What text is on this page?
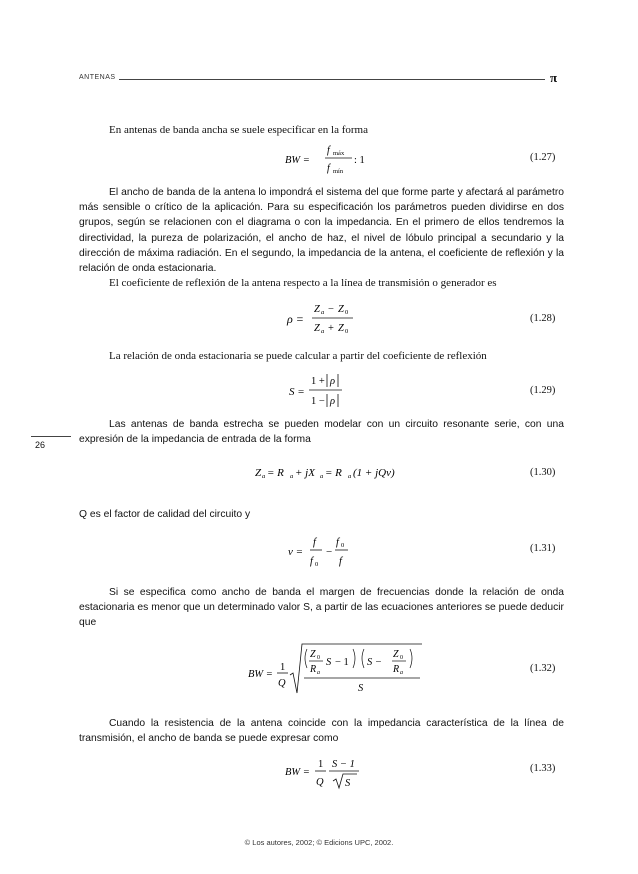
ANTENAS	π
26
En antenas de banda ancha se suele especificar en la forma
BW =
f máx
f mín
: 1	(1.27)
El ancho de banda de la antena lo impondrá el sistema del que forme parte y afectará al parámetro más sensible o crítico de la aplicación. Para su especificación los parámetros pueden dividirse en dos grupos, según se relacionen con el diagrama o con la impedancia. En el primero de ellos tendremos la directividad, la pureza de polarización, el ancho de haz, el nivel de lóbulo principal a secundario y la dirección de máxima radiación. En el segundo, la impedancia de la antena, el coeficiente de reflexión y la relación de onda estacionaria.
El coeficiente de reflexión de la antena respecto a la línea de transmisión o generador es
ρ =
Z a − Z 0
Z a + Z 0
(1.28)
La relación de onda estacionaria se puede calcular a partir del coeficiente de reflexión
S =
1 + ρ
1 − ρ
(1.29)
Las antenas de banda estrecha se pueden modelar con un circuito resonante serie, con una expresión de la impedancia de entrada de la forma
Z a = R a + jX a = R a (1 + jQν)	(1.30)
Q es el factor de calidad del circuito y
ν =
f
f 0
−
f 0
f
(1.31)
Si se especifica como ancho de banda el margen de frecuencias donde la relación de onda estacionaria es menor que un determinado valor S, a partir de las ecuaciones anteriores se puede deducir que
BW =
1
Q
Z 0
R a
S − 1 S −
Z 0
R a
S
(1.32)
Cuando la resistencia de la antena coincide con la impedancia característica de la línea de transmisión, el ancho de banda se puede expresar como
BW =
1
Q
S − 1
S
(1.33)
© Los autores, 2002; © Edicions UPC, 2002.
